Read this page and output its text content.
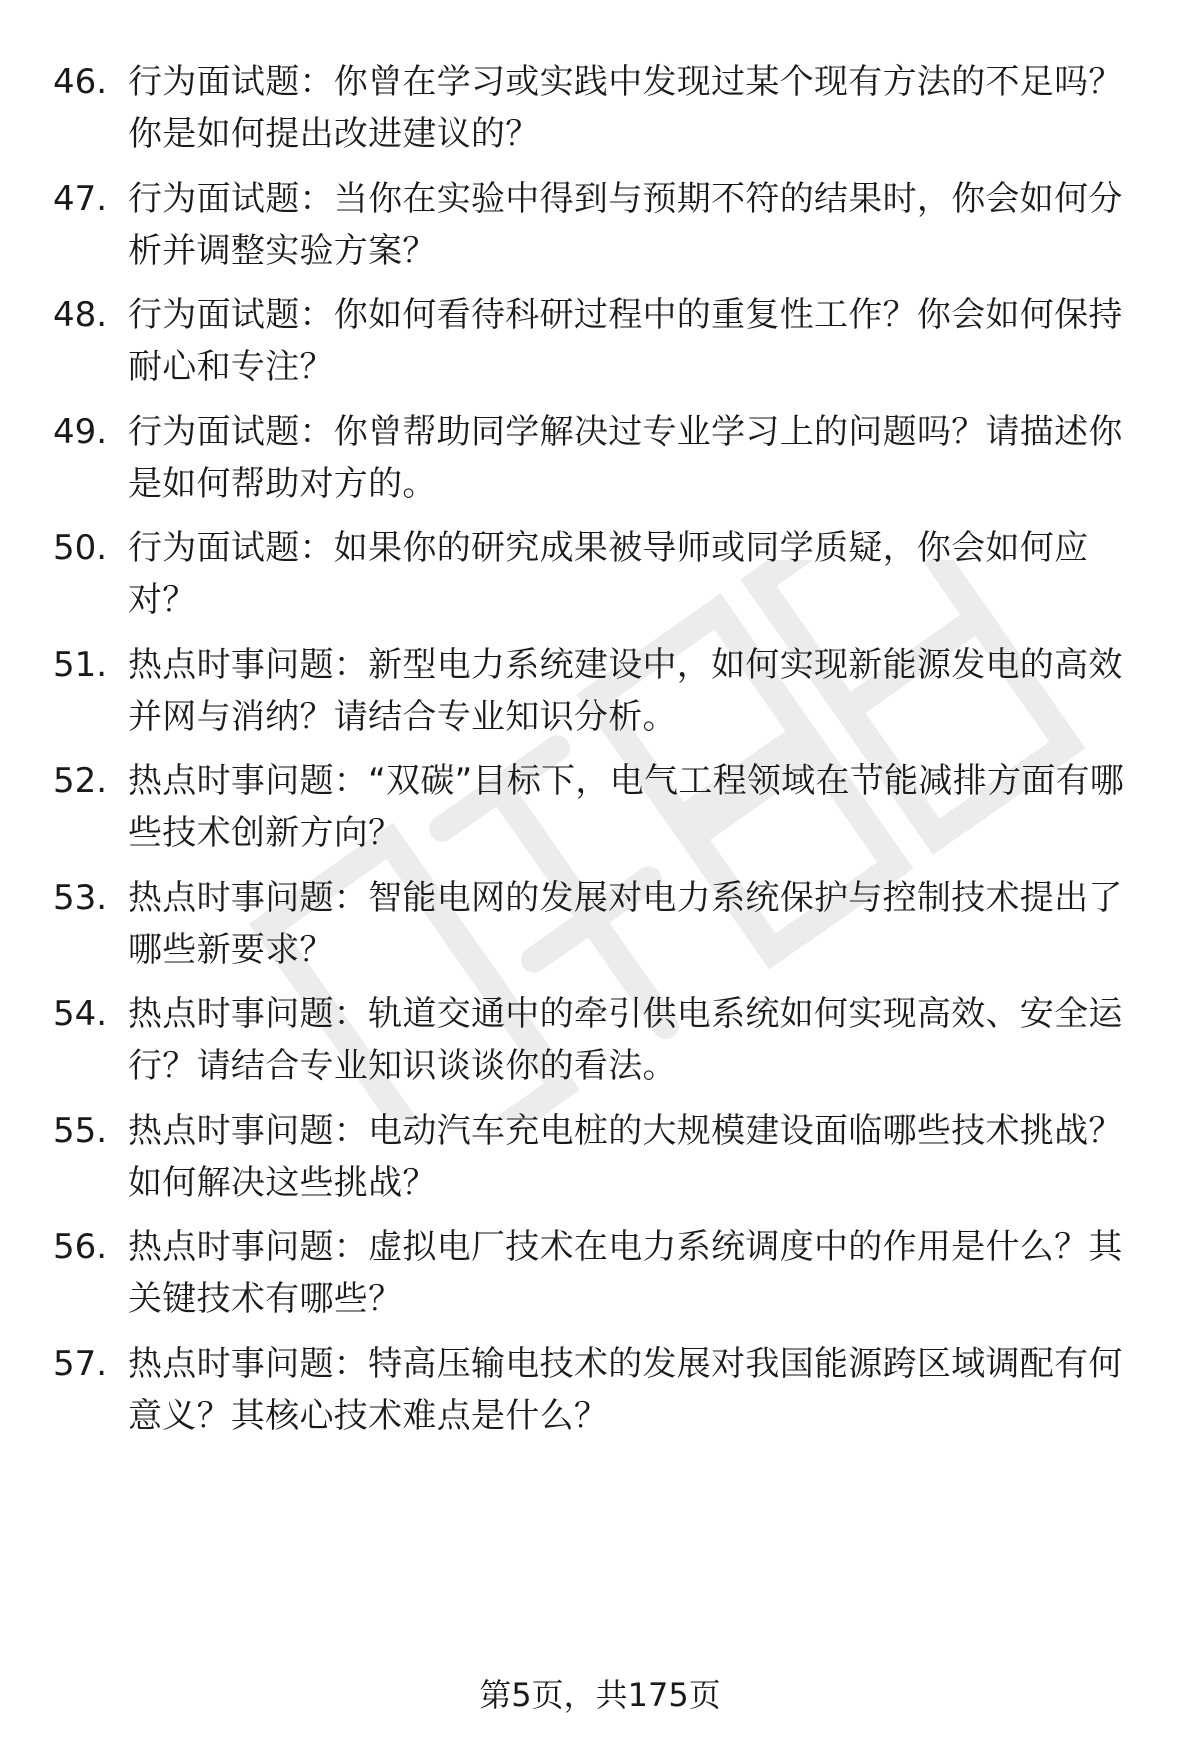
46. 行为面试题：你曾在学习或实践中发现过某个现有方法的不足吗？你是如何提出改进建议的？
47. 行为面试题：当你在实验中得到与预期不符的结果时，你会如何分析并调整实验方案？
48. 行为面试题：你如何看待科研过程中的重复性工作？你会如何保持耐心和专注？
49. 行为面试题：你曾帮助同学解决过专业学习上的问题吗？请描述你是如何帮助对方的。
50. 行为面试题：如果你的研究成果被导师或同学质疑，你会如何应对？
51. 热点时事问题：新型电力系统建设中，如何实现新能源发电的高效并网与消纳？请结合专业知识分析。
52. 热点时事问题：“双碳”目标下，电气工程领域在节能减排方面有哪些技术创新方向？
53. 热点时事问题：智能电网的发展对电力系统保护与控制技术提出了哪些新要求？
54. 热点时事问题：轨道交通中的牵引供电系统如何实现高效、安全运行？请结合专业知识谈谈你的看法。
55. 热点时事问题：电动汽车充电桩的大规模建设面临哪些技术挑战？如何解决这些挑战？
56. 热点时事问题：虚拟电厂技术在电力系统调度中的作用是什么？其关键技术有哪些？
57. 热点时事问题：特高压输电技术的发展对我国能源跨区域调配有何意义？其核心技术难点是什么？
第5页，共175页
